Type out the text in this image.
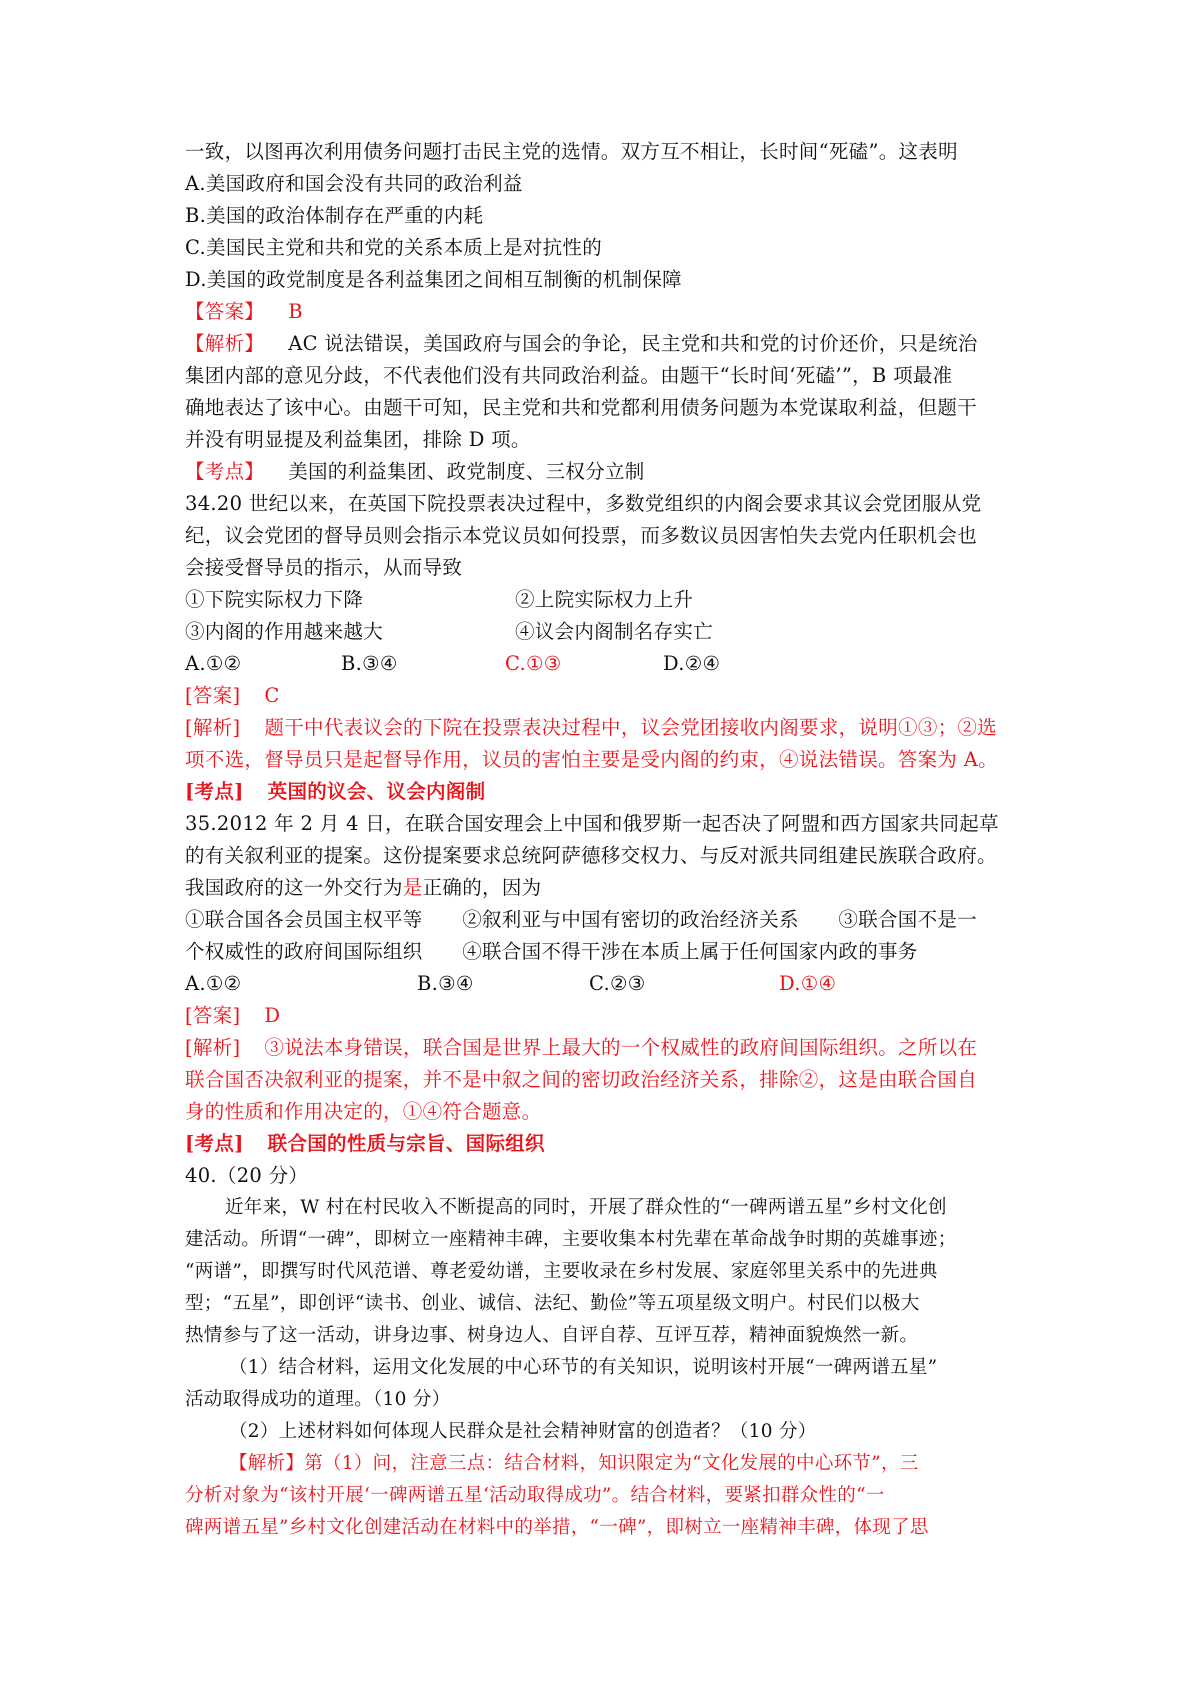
一致，以图再次利用债务问题打击民主党的选情。双方互不相让，长时间“死磕”。这表明
A.美国政府和国会没有共同的政治利益
B.美国的政治体制存在严重的内耗
C.美国民主党和共和党的关系本质上是对抗性的
D.美国的政党制度是各利益集团之间相互制衡的机制保障
【答案】 B
【解析】 AC 说法错误，美国政府与国会的争论，民主党和共和党的讨价还价，只是统治
集团内部的意见分歧，不代表他们没有共同政治利益。由题干“长时间‘死磕’”，B 项最准
确地表达了该中心。由题干可知，民主党和共和党都利用债务问题为本党谋取利益，但题干
并没有明显提及利益集团，排除 D 项。
【考点】 美国的利益集团、政党制度、三权分立制
34.20 世纪以来，在英国下院投票表决过程中，多数党组织的内阁会要求其议会党团服从党
纪，议会党团的督导员则会指示本党议员如何投票，而多数议员因害怕失去党内任职机会也
会接受督导员的指示，从而导致
①下院实际权力下降	②上院实际权力上升
③内阁的作用越来越大	④议会内阁制名存实亡
A.①②	B.③④	C.①③	D.②④
[答案] C
[解析] 题干中代表议会的下院在投票表决过程中，议会党团接收内阁要求，说明①③；②选
项不选，督导员只是起督导作用，议员的害怕主要是受内阁的约束，④说法错误。答案为 A。
[考点] 英国的议会、议会内阁制
35.2012 年 2 月 4 日，在联合国安理会上中国和俄罗斯一起否决了阿盟和西方国家共同起草
的有关叙利亚的提案。这份提案要求总统阿萨德移交权力、与反对派共同组建民族联合政府。
我国政府的这一外交行为是正确的，因为
①联合国各会员国主权平等　　②叙利亚与中国有密切的政治经济关系　　③联合国不是一
个权威性的政府间国际组织　　④联合国不得干涉在本质上属于任何国家内政的事务
A.①②	B.③④	C.②③	D.①④
[答案] D
[解析] ③说法本身错误，联合国是世界上最大的一个权威性的政府间国际组织。之所以在
联合国否决叙利亚的提案，并不是中叙之间的密切政治经济关系，排除②，这是由联合国自
身的性质和作用决定的，①④符合题意。
[考点] 联合国的性质与宗旨、国际组织
40.（20 分）
近年来，W 村在村民收入不断提高的同时，开展了群众性的“一碑两谱五星”乡村文化创
建活动。所谓“一碑”，即树立一座精神丰碑，主要收集本村先辈在革命战争时期的英雄事迹；
“两谱”，即撰写时代风范谱、尊老爱幼谱，主要收录在乡村发展、家庭邻里关系中的先进典
型；“五星”，即创评“读书、创业、诚信、法纪、勤俭”等五项星级文明户。村民们以极大
热情参与了这一活动，讲身边事、树身边人、自评自荐、互评互荐，精神面貌焕然一新。
（1）结合材料，运用文化发展的中心环节的有关知识，说明该村开展“一碑两谱五星”
活动取得成功的道理。（10 分）
（2）上述材料如何体现人民群众是社会精神财富的创造者？（10 分）
【解析】第（1）问，注意三点：结合材料，知识限定为“文化发展的中心环节”，三
分析对象为“该村开展‘一碑两谱五星‘活动取得成功”。结合材料，要紧扣群众性的“一
碑两谱五星”乡村文化创建活动在材料中的举措，“一碑”，即树立一座精神丰碑，体现了思
